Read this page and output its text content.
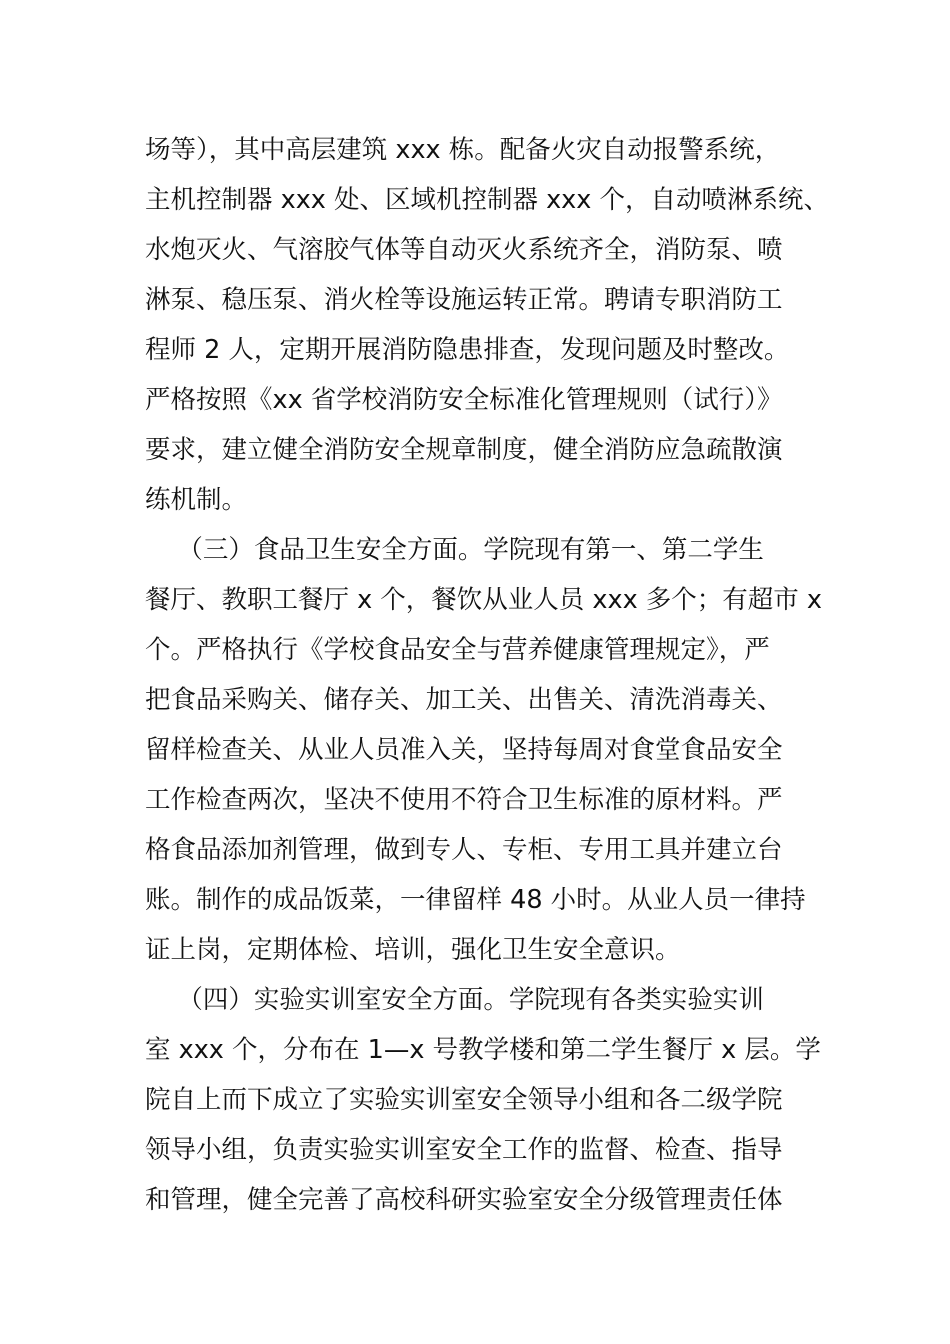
场等），其中高层建筑 xxx 栋。配备火灾自动报警系统，
主机控制器 xxx 处、区域机控制器 xxx 个，自动喷淋系统、
水炮灭火、气溶胶气体等自动灭火系统齐全，消防泵、喷
淋泵、稳压泵、消火栓等设施运转正常。聘请专职消防工
程师 2 人，定期开展消防隐患排查，发现问题及时整改。
严格按照《xx 省学校消防安全标准化管理规则（试行）》
要求，建立健全消防安全规章制度，健全消防应急疏散演
练机制。
（三）食品卫生安全方面。学院现有第一、第二学生
餐厅、教职工餐厅 x 个，餐饮从业人员 xxx 多个；有超市 x
个。严格执行《学校食品安全与营养健康管理规定》，严
把食品采购关、储存关、加工关、出售关、清洗消毒关、
留样检查关、从业人员准入关，坚持每周对食堂食品安全
工作检查两次，坚决不使用不符合卫生标准的原材料。严
格食品添加剂管理，做到专人、专柜、专用工具并建立台
账。制作的成品饭菜，一律留样 48 小时。从业人员一律持
证上岗，定期体检、培训，强化卫生安全意识。
（四）实验实训室安全方面。学院现有各类实验实训
室 xxx 个，分布在 1—x 号教学楼和第二学生餐厅 x 层。学
院自上而下成立了实验实训室安全领导小组和各二级学院
领导小组，负责实验实训室安全工作的监督、检查、指导
和管理，健全完善了高校科研实验室安全分级管理责任体
